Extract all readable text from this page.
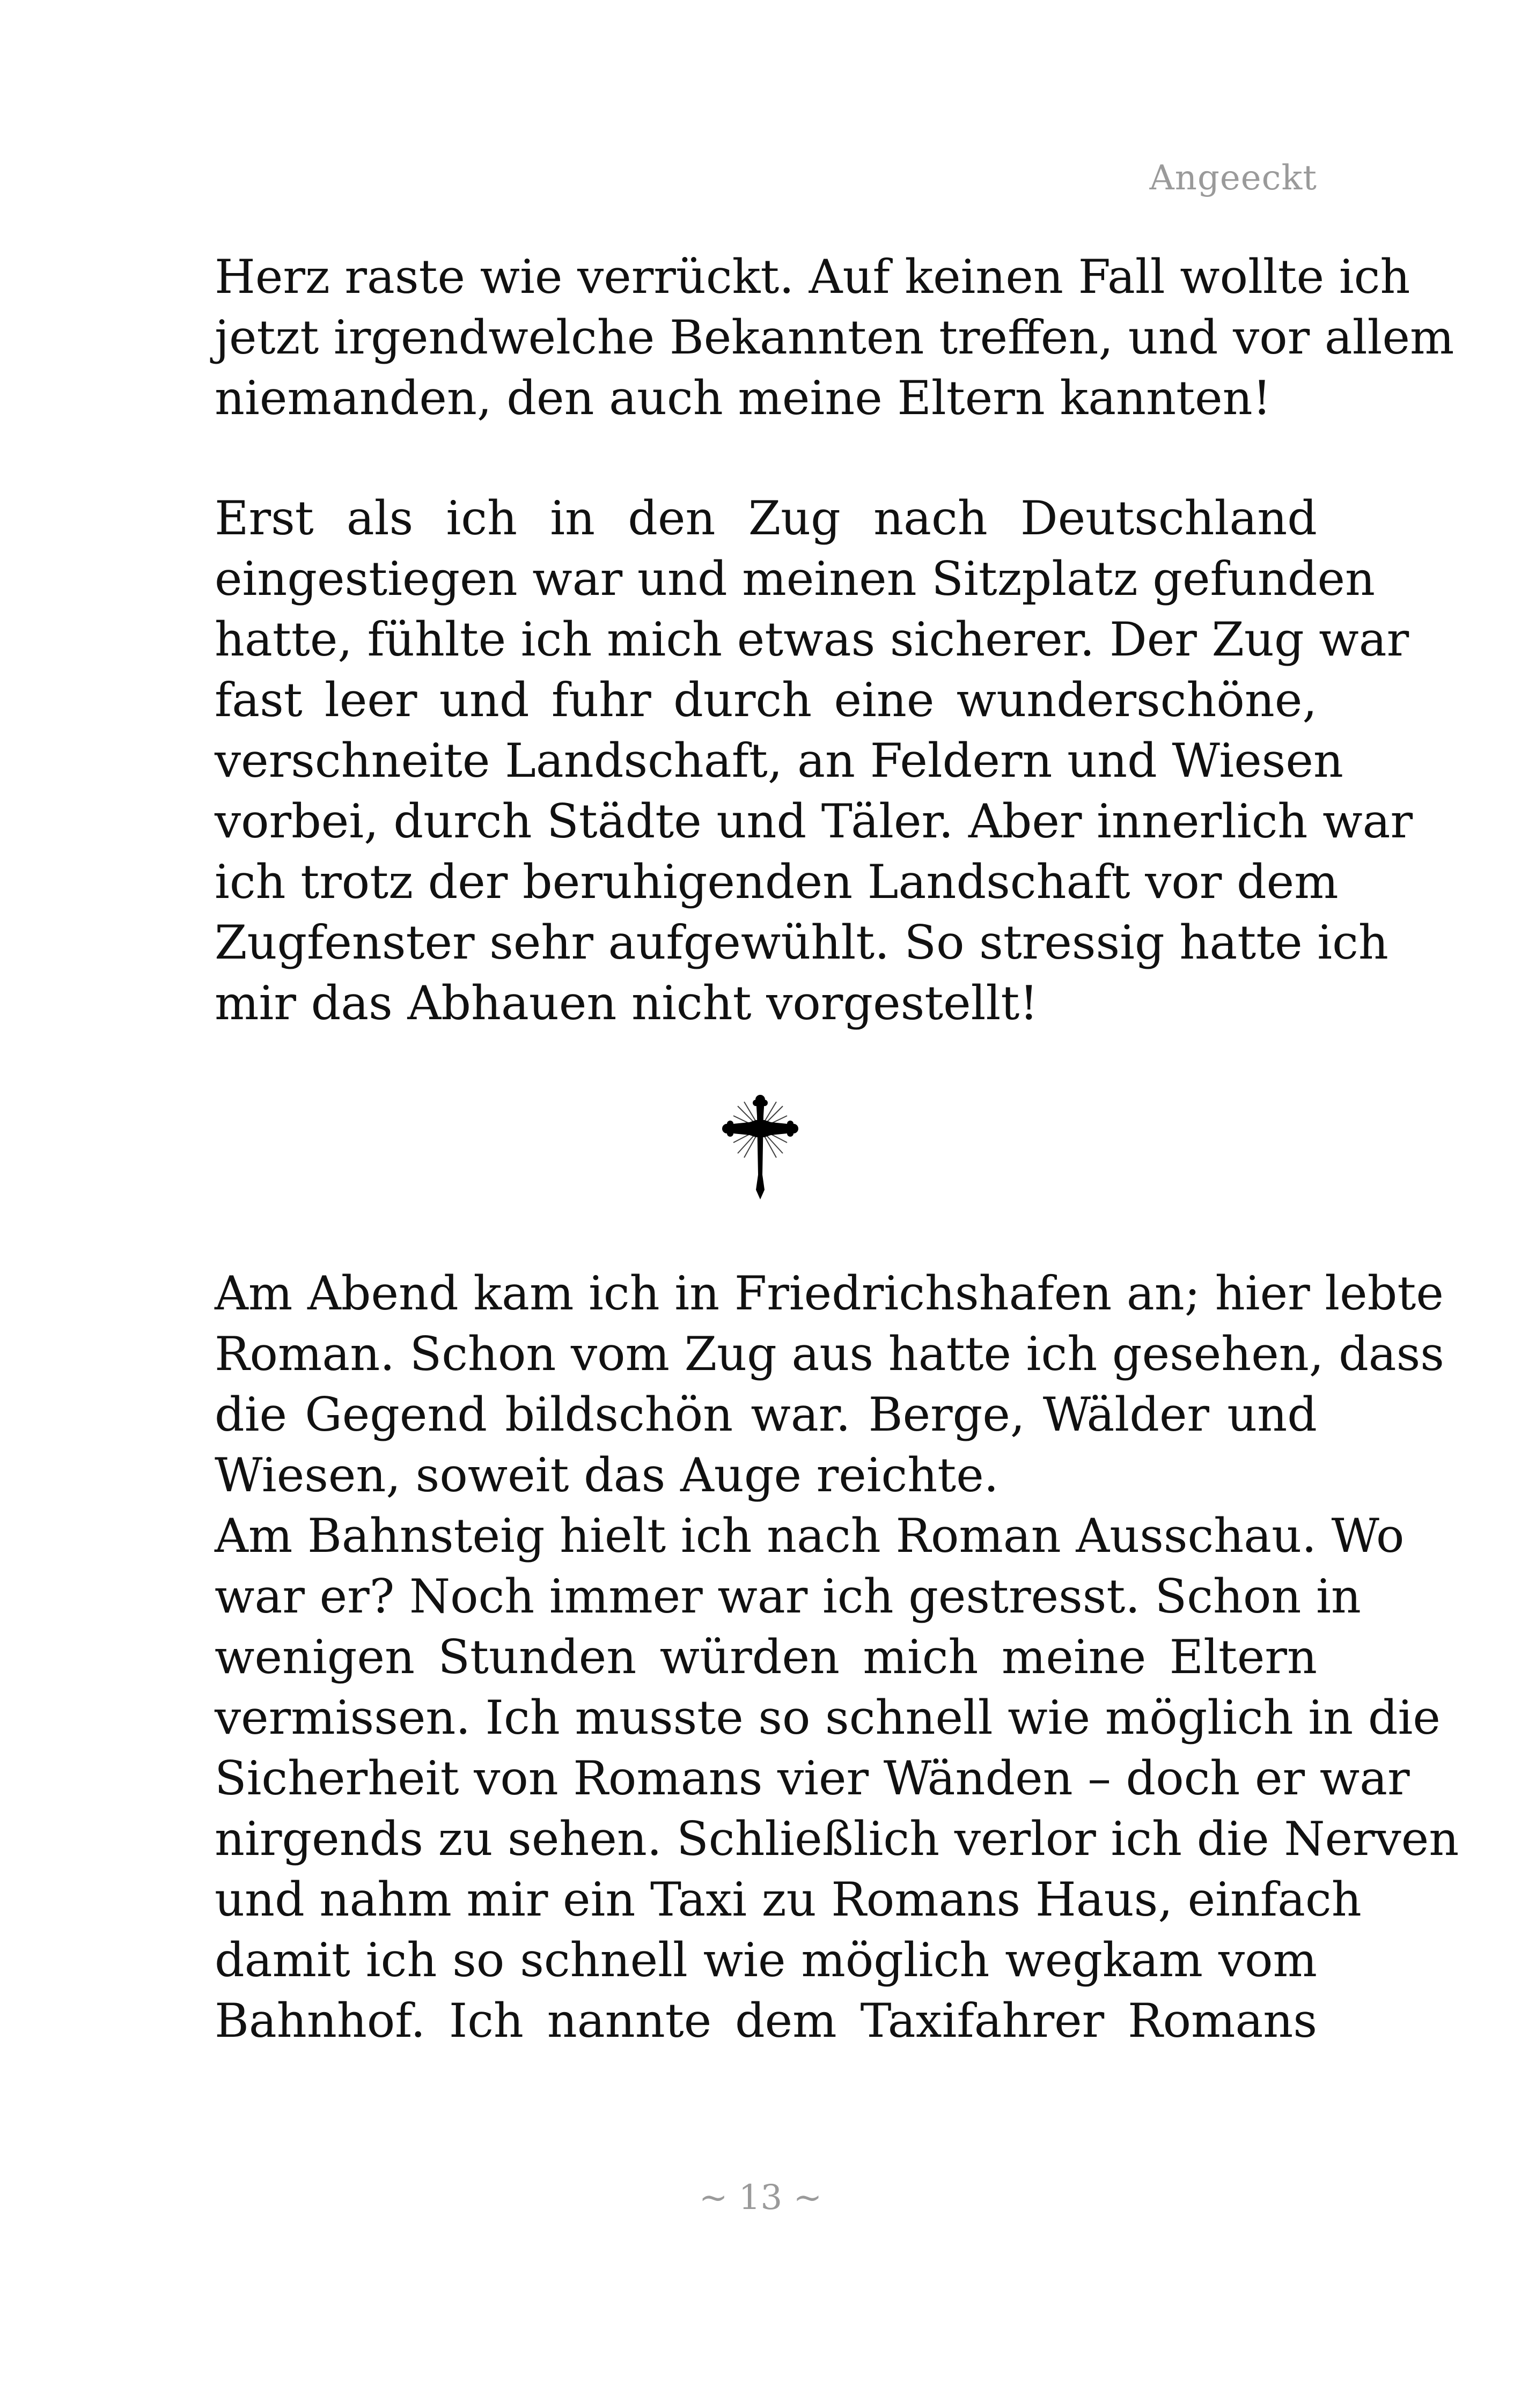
Angeeckt
Herz raste wie verrückt. Auf keinen Fall wollte ich
jetzt irgendwelche Bekannten treffen, und vor allem
niemanden, den auch meine Eltern kannten!
Erst als ich in den Zug nach Deutschland
eingestiegen war und meinen Sitzplatz gefunden
hatte, fühlte ich mich etwas sicherer. Der Zug war
fast leer und fuhr durch eine wunderschöne,
verschneite Landschaft, an Feldern und Wiesen
vorbei, durch Städte und Täler. Aber innerlich war
ich trotz der beruhigenden Landschaft vor dem
Zugfenster sehr aufgewühlt. So stressig hatte ich
mir das Abhauen nicht vorgestellt!
Am Abend kam ich in Friedrichshafen an; hier lebte
Roman. Schon vom Zug aus hatte ich gesehen, dass
die Gegend bildschön war. Berge, Wälder und
Wiesen, soweit das Auge reichte.
Am Bahnsteig hielt ich nach Roman Ausschau. Wo
war er? Noch immer war ich gestresst. Schon in
wenigen Stunden würden mich meine Eltern
vermissen. Ich musste so schnell wie möglich in die
Sicherheit von Romans vier Wänden – doch er war
nirgends zu sehen. Schließlich verlor ich die Nerven
und nahm mir ein Taxi zu Romans Haus, einfach
damit ich so schnell wie möglich wegkam vom
Bahnhof. Ich nannte dem Taxifahrer Romans
~ 13 ~
